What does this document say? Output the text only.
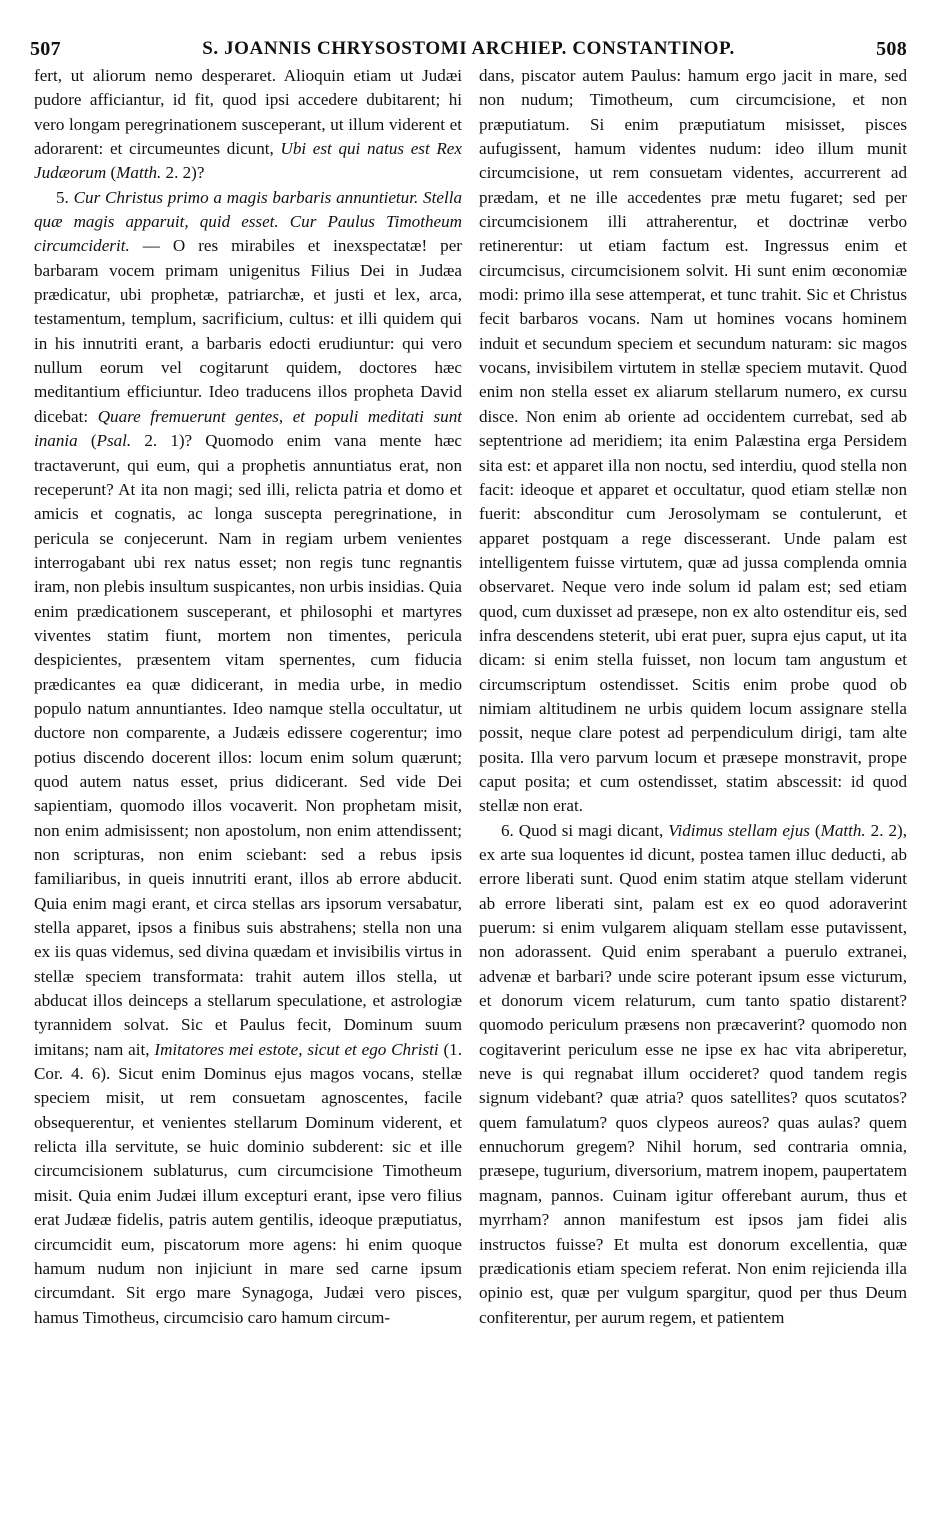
507	S. JOANNIS CHRYSOSTOMI ARCHIEP. CONSTANTINOP.	508

fert, ut aliorum nemo desperaret. Alioquin etiam ut Judæi pudore afficiantur, id fit, quod ipsi accedere dubitarent; hi vero longam peregrinationem susceperant, ut illum viderent et adorarent: et circumeuntes dicunt, Ubi est qui natus est Rex Judæorum (Matth. 2. 2)?

5. Cur Christus primo a magis barbaris annuntietur. Stella quæ magis apparuit, quid esset. Cur Paulus Timotheum circumciderit. — O res mirabiles et inexspectatæ! per barbaram vocem primam unigenitus Filius Dei in Judæa prædicatur, ubi prophetæ, patriarchæ, et justi et lex, arca, testamentum, templum, sacrificium, cultus: et illi quidem qui in his innutriti erant, a barbaris edocti erudiuntur: qui vero nullum eorum vel cogitarunt quidem, doctores hæc meditantium efficiuntur. Ideo traducens illos propheta David dicebat: Quare fremuerunt gentes, et populi meditati sunt inania (Psal. 2. 1)? Quomodo enim vana mente hæc tractaverunt, qui eum, qui a prophetis annuntiatus erat, non receperunt? At ita non magi; sed illi, relicta patria et domo et amicis et cognatis, ac longa suscepta peregrinatione, in pericula se conjecerunt. Nam in regiam urbem venientes interrogabant ubi rex natus esset; non regis tunc regnantis iram, non plebis insultum suspicantes, non urbis insidias. Quia enim prædicationem susceperant, et philosophi et martyres viventes statim fiunt, mortem non timentes, pericula despicientes, præsentem vitam spernentes, cum fiducia prædicantes ea quæ didicerant, in media urbe, in medio populo natum annuntiantes. Ideo namque stella occultatur, ut ductore non comparente, a Judæis edissere cogerentur; imo potius discendo docerent illos: locum enim solum quærunt; quod autem natus esset, prius didicerant. Sed vide Dei sapientiam, quomodo illos vocaverit. Non prophetam misit, non enim admisissent; non apostolum, non enim attendissent; non scripturas, non enim sciebant: sed a rebus ipsis familiaribus, in queis innutriti erant, illos ab errore abducit. Quia enim magi erant, et circa stellas ars ipsorum versabatur, stella apparet, ipsos a finibus suis abstrahens; stella non una ex iis quas videmus, sed divina quædam et invisibilis virtus in stellæ speciem transformata: trahit autem illos stella, ut abducat illos deinceps a stellarum speculatione, et astrologiæ tyrannidem solvat. Sic et Paulus fecit, Dominum suum imitans; nam ait, Imitatores mei estote, sicut et ego Christi (1. Cor. 4. 6). Sicut enim Dominus ejus magos vocans, stellæ speciem misit, ut rem consuetam agnoscentes, facile obsequerentur, et venientes stellarum Dominum viderent, et relicta illa servitute, se huic dominio subderent: sic et ille circumcisionem sublaturus, cum circumcisione Timotheum misit. Quia enim Judæi illum excepturi erant, ipse vero filius erat Judææ fidelis, patris autem gentilis, ideoque præputiatus, circumcidit eum, piscatorum more agens: hi enim quoque hamum nudum non injiciunt in mare sed carne ipsum circumdant. Sit ergo mare Synagoga, Judæi vero pisces, hamus Timotheus, circumcisio caro hamum circum-

dans, piscator autem Paulus: hamum ergo jacit in mare, sed non nudum; Timotheum, cum circumcisione, et non præputiatum. Si enim præputiatum misisset, pisces aufugissent, hamum videntes nudum: ideo illum munit circumcisione, ut rem consuetam videntes, accurrerent ad prædam, et ne ille accedentes præ metu fugaret; sed per circumcisionem illi attraherentur, et doctrinæ verbo retinerentur: ut etiam factum est. Ingressus enim et circumcisus, circumcisionem solvit. Hi sunt enim œconomiæ modi: primo illa sese attemperat, et tunc trahit. Sic et Christus fecit barbaros vocans. Nam ut homines vocans hominem induit et secundum speciem et secundum naturam: sic magos vocans, invisibilem virtutem in stellæ speciem mutavit. Quod enim non stella esset ex aliarum stellarum numero, ex cursu disce. Non enim ab oriente ad occidentem currebat, sed ab septentrione ad meridiem; ita enim Palæstina erga Persidem sita est: et apparet illa non noctu, sed interdiu, quod stella non facit: ideoque et apparet et occultatur, quod etiam stellæ non fuerit: absconditur cum Jerosolymam se contulerunt, et apparet postquam a rege discesserant. Unde palam est intelligentem fuisse virtutem, quæ ad jussa complenda omnia observaret. Neque vero inde solum id palam est; sed etiam quod, cum duxisset ad præsepe, non ex alto ostenditur eis, sed infra descendens steterit, ubi erat puer, supra ejus caput, ut ita dicam: si enim stella fuisset, non locum tam angustum et circumscriptum ostendisset. Scitis enim probe quod ob nimiam altitudinem ne urbis quidem locum assignare stella possit, neque clare potest ad perpendiculum dirigi, tam alte posita. Illa vero parvum locum et præsepe monstravit, prope caput posita; et cum ostendisset, statim abscessit: id quod stellæ non erat.

6. Quod si magi dicant, Vidimus stellam ejus (Matth. 2. 2), ex arte sua loquentes id dicunt, postea tamen illuc deducti, ab errore liberati sunt. Quod enim statim atque stellam viderunt ab errore liberati sint, palam est ex eo quod adoraverint puerum: si enim vulgarem aliquam stellam esse putavissent, non adorassent. Quid enim sperabant a puerulo extranei, advenæ et barbari? unde scire poterant ipsum esse victurum, et donorum vicem relaturum, cum tanto spatio distarent? quomodo periculum præsens non præcaverint? quomodo non cogitaverint periculum esse ne ipse ex hac vita abriperetur, neve is qui regnabat illum occideret? quod tandem regis signum videbant? quæ atria? quos satellites? quos scutatos? quem famulatum? quos clypeos aureos? quas aulas? quem ennuchorum gregem? Nihil horum, sed contraria omnia, præsepe, tugurium, diversorium, matrem inopem, paupertatem magnam, pannos. Cuinam igitur offerebant aurum, thus et myrrham? annon manifestum est ipsos jam fidei alis instructos fuisse? Et multa est donorum excellentia, quæ prædicationis etiam speciem referat. Non enim rejicienda illa opinio est, quæ per vulgum spargitur, quod per thus Deum confiterentur, per aurum regem, et patientem
